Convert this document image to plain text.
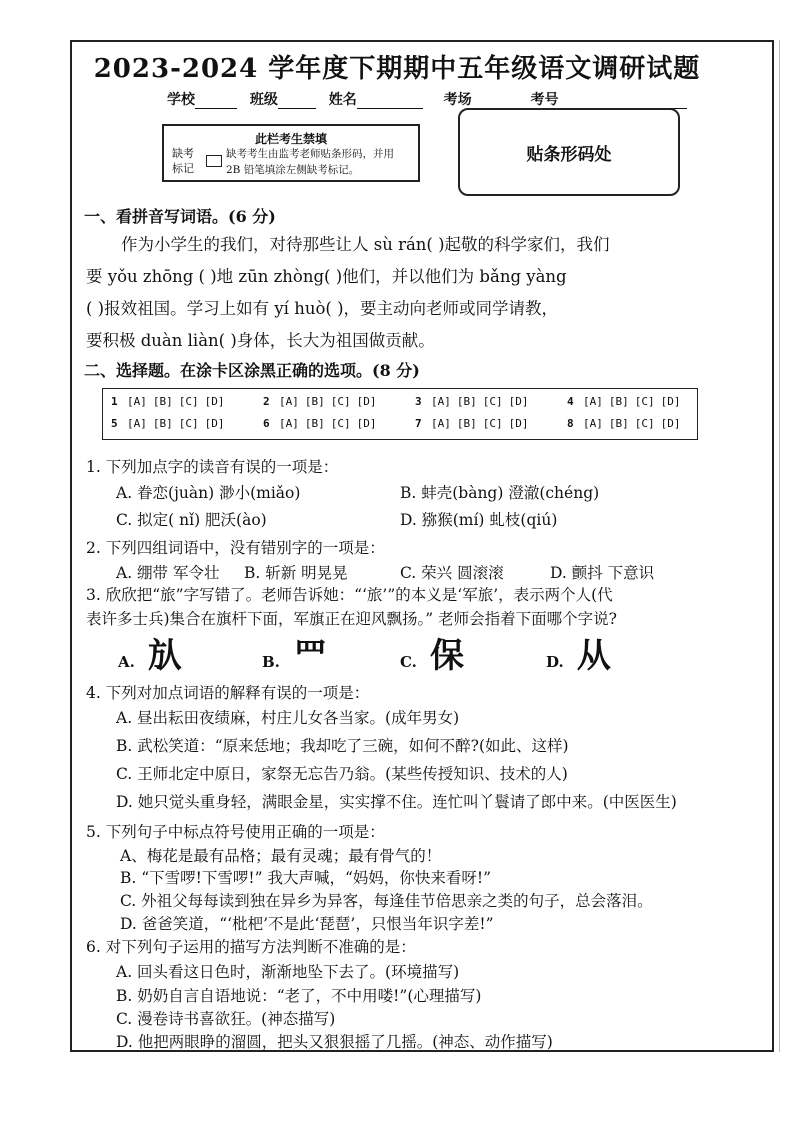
2023-2024 学年度下期期中五年级语文调研试题
学校	班级	姓名	考场	考号
此栏考生禁填
缺考
标记
缺考考生由监考老师贴条形码，并用
2B 铅笔填涂左侧缺考标记。
贴条形码处
一、看拼音写词语。(6 分)
作为小学生的我们，对待那些让人 sù rán( )起敬的科学家们，我们
要 yǒu zhōng ( )地 zūn zhòng( )他们，并以他们为 bǎng yàng
( )报效祖国。学习上如有 yí huò( )，要主动向老师或同学请教，
要积极 duàn liàn( )身体，长大为祖国做贡献。
二、选择题。在涂卡区涂黑正确的选项。(8 分)
1 [A] [B] [C] [D]	2 [A] [B] [C] [D]	3 [A] [B] [C] [D]	4 [A] [B] [C] [D]
5 [A] [B] [C] [D]	6 [A] [B] [C] [D]	7 [A] [B] [C] [D]	8 [A] [B] [C] [D]
1. 下列加点字的读音有误的一项是：
A. 眷恋(juàn) 渺小(miǎo)	B. 蚌壳(bàng) 澄澈(chéng)
C. 拟定( nǐ) 肥沃(ào)	D. 猕猴(mí) 虬枝(qiú)
2. 下列四组词语中，没有错别字的一项是：
A. 绷带 军令壮 B. 斩新 明晃晃	C. 荣兴 圆滚滚	D. 颤抖 下意识
3. 欣欣把“旅”字写错了。老师告诉她：“‘旅’”的本义是‘军旅’，表示两个人(代
表许多士兵)集合在旗杆下面，军旗正在迎风飘扬。” 老师会指着下面哪个字说?
A. 㫃	B. 罒	C. 保	D. 从
4. 下列对加点词语的解释有误的一项是：
A. 昼出耘田夜绩麻，村庄儿女各当家。(成年男女)
B. 武松笑道：“原来恁地；我却吃了三碗，如何不醉?(如此、这样)
C. 王师北定中原日，家祭无忘告乃翁。(某些传授知识、技术的人)
D. 她只觉头重身轻，满眼金星，实实撑不住。连忙叫丫鬟请了郎中来。(中医医生)
5. 下列句子中标点符号使用正确的一项是：
A、梅花是最有品格；最有灵魂；最有骨气的！
B. “下雪啰!下雪啰!” 我大声喊，“妈妈，你快来看呀!”
C. 外祖父每每读到独在异乡为异客，每逢佳节倍思亲之类的句子，总会落泪。
D. 爸爸笑道，“‘枇杷’不是此‘琵琶’，只恨当年识字差!”
6. 对下列句子运用的描写方法判断不准确的是：
A. 回头看这日色时，渐渐地坠下去了。(环境描写)
B. 奶奶自言自语地说：“老了，不中用喽!”(心理描写)
C. 漫卷诗书喜欲狂。(神态描写)
D. 他把两眼睁的溜圆，把头又狠狠摇了几摇。(神态、动作描写)
